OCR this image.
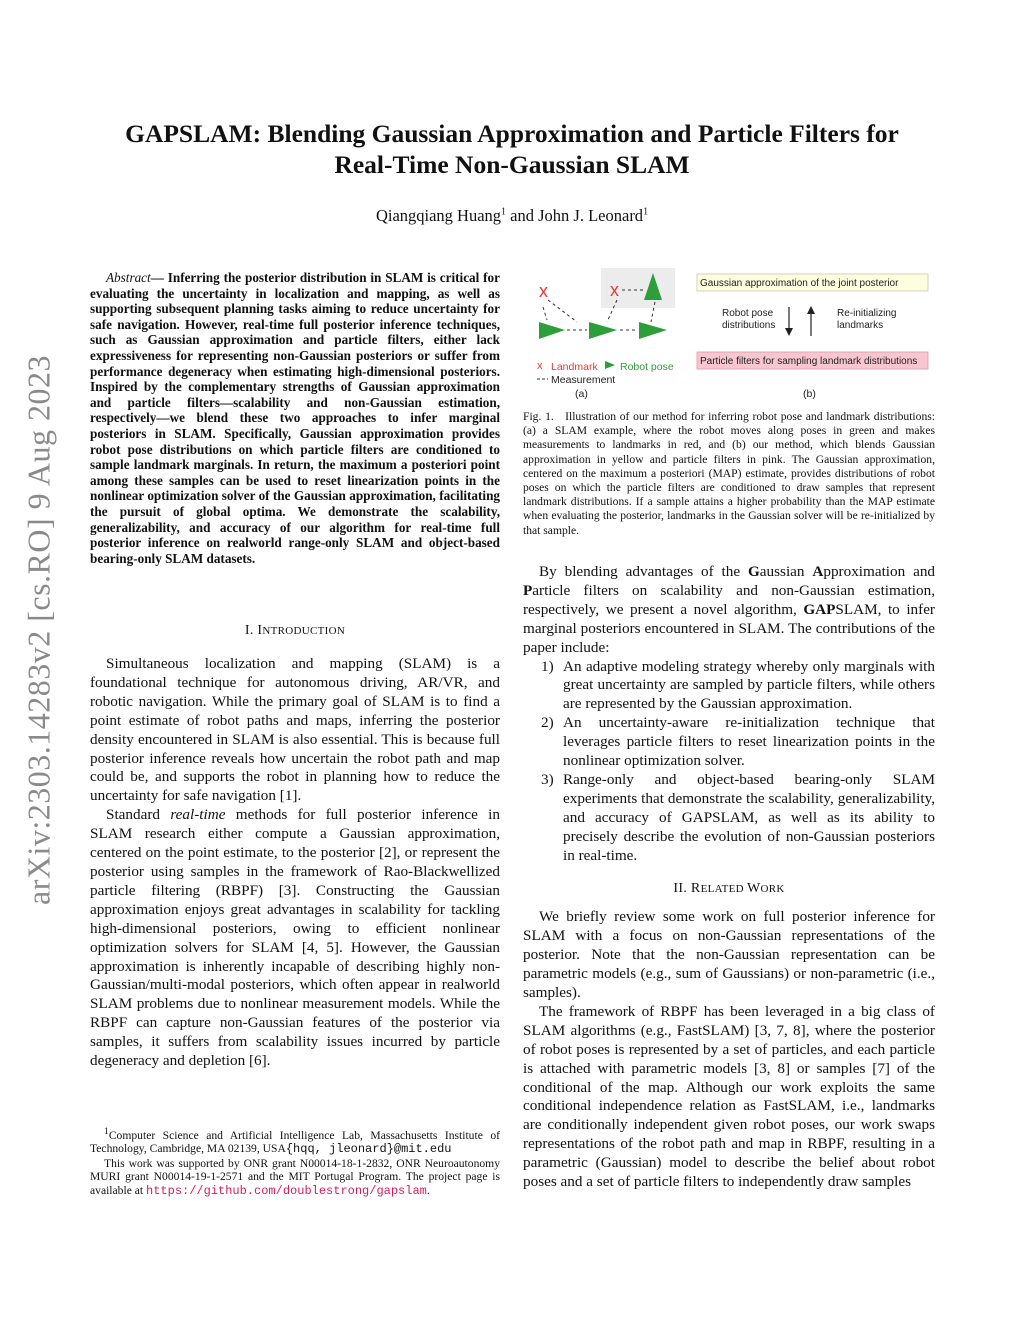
GAPSLAM: Blending Gaussian Approximation and Particle Filters for
Real-Time Non-Gaussian SLAM
Qiangqiang Huang$^1$ and John J. Leonard$^1$
arXiv:2303.14283v2 [cs.RO] 9 Aug 2023
Abstract— Inferring the posterior distribution in SLAM is critical for evaluating the uncertainty in localization and mapping, as well as supporting subsequent planning tasks aiming to reduce uncertainty for safe navigation. However, real-time full posterior inference techniques, such as Gaussian approximation and particle filters, either lack expressiveness for representing non-Gaussian posteriors or suffer from performance degeneracy when estimating high-dimensional posteriors. Inspired by the complementary strengths of Gaussian approximation and particle filters—scalability and non-Gaussian estimation, respectively—we blend these two approaches to infer marginal posteriors in SLAM. Specifically, Gaussian approximation provides robot pose distributions on which particle filters are conditioned to sample landmark marginals. In return, the maximum a posteriori point among these samples can be used to reset linearization points in the nonlinear optimization solver of the Gaussian approximation, facilitating the pursuit of global optima. We demonstrate the scalability, generalizability, and accuracy of our algorithm for real-time full posterior inference on realworld range-only SLAM and object-based bearing-only SLAM datasets.
I. INTRODUCTION

Simultaneous localization and mapping (SLAM) is a foundational technique for autonomous driving, AR/VR, and robotic navigation. While the primary goal of SLAM is to find a point estimate of robot paths and maps, inferring the posterior density encountered in SLAM is also essential. This is because full posterior inference reveals how uncertain the robot path and map could be, and supports the robot in planning how to reduce the uncertainty for safe navigation [1].

Standard real-time methods for full posterior inference in SLAM research either compute a Gaussian approximation, centered on the point estimate, to the posterior [2], or represent the posterior using samples in the framework of Rao-Blackwellized particle filtering (RBPF) [3]. Constructing the Gaussian approximation enjoys great advantages in scalability for tackling high-dimensional posteriors, owing to efficient nonlinear optimization solvers for SLAM [4, 5]. However, the Gaussian approximation is inherently incapable of describing highly non-Gaussian/multi-modal posteriors, which often appear in realworld SLAM problems due to nonlinear measurement models. While the RBPF can capture non-Gaussian features of the posterior via samples, it suffers from scalability issues incurred by particle degeneracy and depletion [6].

$^1$Computer Science and Artificial Intelligence Lab, Massachusetts Institute of Technology, Cambridge, MA 02139, USA{hqq, jleonard}@mit.edu

This work was supported by ONR grant N00014-18-1-2832, ONR Neuroautonomy MURI grant N00014-19-1-2571 and the MIT Portugal Program. The project page is available at https://github.com/doublestrong/gapslam.

x	x
x Landmark Robot pose
Measurement
(a)
Gaussian approximation of the joint posterior
Robot pose
distributions
Re-initializing
landmarks
Particle filters for sampling landmark distributions
(b)
Fig. 1. Illustration of our method for inferring robot pose and landmark distributions: (a) a SLAM example, where the robot moves along poses in green and makes measurements to landmarks in red, and (b) our method, which blends Gaussian approximation in yellow and particle filters in pink. The Gaussian approximation, centered on the maximum a posteriori (MAP) estimate, provides distributions of robot poses on which the particle filters are conditioned to draw samples that represent landmark distributions. If a sample attains a higher probability than the MAP estimate when evaluating the posterior, landmarks in the Gaussian solver will be re-initialized by that sample.

By blending advantages of the Gaussian Approximation and Particle filters on scalability and non-Gaussian estimation, respectively, we present a novel algorithm, GAPSLAM, to infer marginal posteriors encountered in SLAM. The contributions of the paper include:

1) An adaptive modeling strategy whereby only marginals with great uncertainty are sampled by particle filters, while others are represented by the Gaussian approximation.
2) An uncertainty-aware re-initialization technique that leverages particle filters to reset linearization points in the nonlinear optimization solver.
3) Range-only and object-based bearing-only SLAM experiments that demonstrate the scalability, generalizability, and accuracy of GAPSLAM, as well as its ability to precisely describe the evolution of non-Gaussian posteriors in real-time.
II. RELATED WORK

We briefly review some work on full posterior inference for SLAM with a focus on non-Gaussian representations of the posterior. Note that the non-Gaussian representation can be parametric models (e.g., sum of Gaussians) or non-parametric (i.e., samples).

The framework of RBPF has been leveraged in a big class of SLAM algorithms (e.g., FastSLAM) [3, 7, 8], where the posterior of robot poses is represented by a set of particles, and each particle is attached with parametric models [3, 8] or samples [7] of the conditional of the map. Although our work exploits the same conditional independence relation as FastSLAM, i.e., landmarks are conditionally independent given robot poses, our work swaps representations of the robot path and map in RBPF, resulting in a parametric (Gaussian) model to describe the belief about robot poses and a set of particle filters to independently draw samples
